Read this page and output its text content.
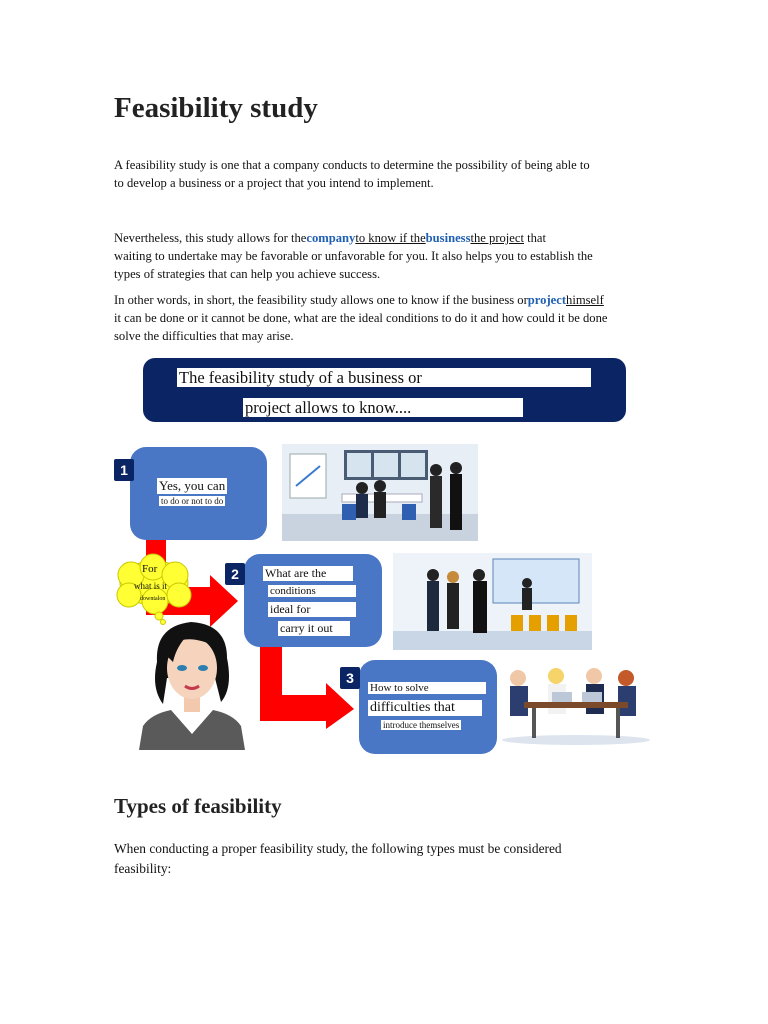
Feasibility study

A feasibility study is one that a company conducts to determine the possibility of being able to
to develop a business or a project that you intend to implement.

Nevertheless, this study allows for thecompanyto know if thebusinessthe project that
waiting to undertake may be favorable or unfavorable for you. It also helps you to establish the
types of strategies that can help you achieve success.

In other words, in short, the feasibility study allows one to know if the business orprojecthimself
it can be done or it cannot be done, what are the ideal conditions to do it and how could it be done
solve the difficulties that may arise.

The feasibility study of a business or
project allows to know....
1
Yes, you can
to do or not to do
2	What are the
conditions
ideal for
carry it out
3
How to solve
difficulties that
introduce themselves
For
what is it
downtalon
Types of feasibility

When conducting a proper feasibility study, the following types must be considered
feasibility:
